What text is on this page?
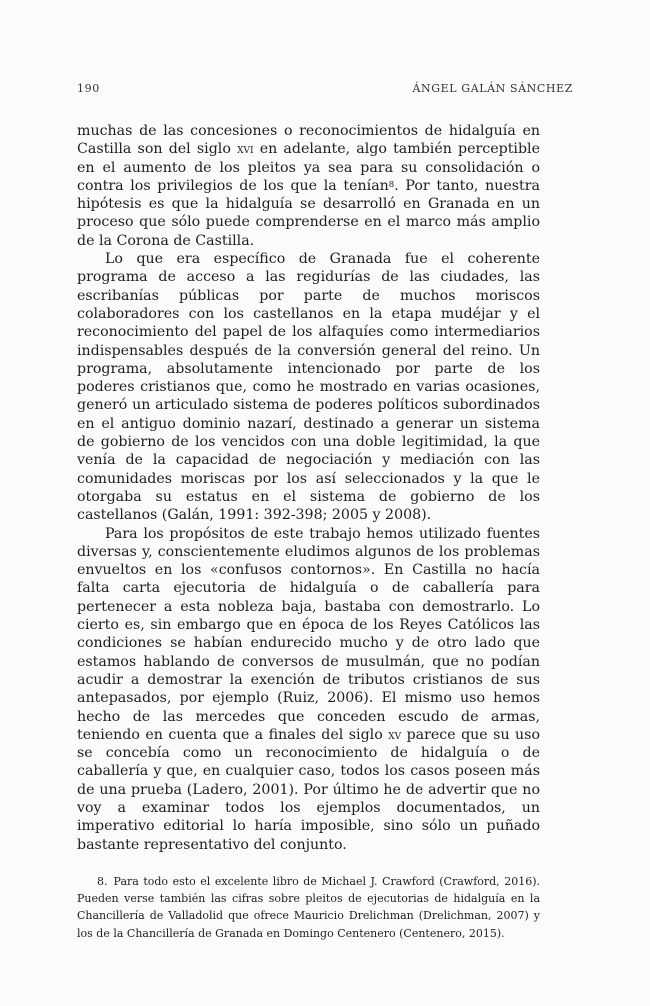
190	ÁNGEL GALÁN SÁNCHEZ

muchas de las concesiones o reconocimientos de hidalguía en Castilla son del siglo xvi en adelante, algo también perceptible en el aumento de los pleitos ya sea para su consolidación o contra los privilegios de los que la tenían$^8$. Por tanto, nuestra hipótesis es que la hidalguía se desarrolló en Granada en un proceso que sólo puede comprenderse en el marco más amplio de la Corona de Castilla.

Lo que era específico de Granada fue el coherente programa de acceso a las regidurías de las ciudades, las escribanías públicas por parte de muchos moriscos colaboradores con los castellanos en la etapa mudéjar y el reconocimiento del papel de los alfaquíes como intermediarios indispensables después de la conversión general del reino. Un programa, absolutamente intencionado por parte de los poderes cristianos que, como he mostrado en varias ocasiones, generó un articulado sistema de poderes políticos subordinados en el antiguo dominio nazarí, destinado a generar un sistema de gobierno de los vencidos con una doble legitimidad, la que venía de la capacidad de negociación y mediación con las comunidades moriscas por los así seleccionados y la que le otorgaba su estatus en el sistema de gobierno de los castellanos (Galán, 1991: 392-398; 2005 y 2008).

Para los propósitos de este trabajo hemos utilizado fuentes diversas y, conscientemente eludimos algunos de los problemas envueltos en los «confusos contornos». En Castilla no hacía falta carta ejecutoria de hidalguía o de caballería para pertenecer a esta nobleza baja, bastaba con demostrarlo. Lo cierto es, sin embargo que en época de los Reyes Católicos las condiciones se habían endurecido mucho y de otro lado que estamos hablando de conversos de musulmán, que no podían acudir a demostrar la exención de tributos cristianos de sus antepasados, por ejemplo (Ruiz, 2006). El mismo uso hemos hecho de las mercedes que conceden escudo de armas, teniendo en cuenta que a finales del siglo xv parece que su uso se concebía como un reconocimiento de hidalguía o de caballería y que, en cualquier caso, todos los casos poseen más de una prueba (Ladero, 2001). Por último he de advertir que no voy a examinar todos los ejemplos documentados, un imperativo editorial lo haría imposible, sino sólo un puñado bastante representativo del conjunto.

8. Para todo esto el excelente libro de Michael J. Crawford (Crawford, 2016). Pueden verse también las cifras sobre pleitos de ejecutorias de hidalguía en la Chancillería de Valladolid que ofrece Mauricio Drelichman (Drelichman, 2007) y los de la Chancillería de Granada en Domingo Centenero (Centenero, 2015).
